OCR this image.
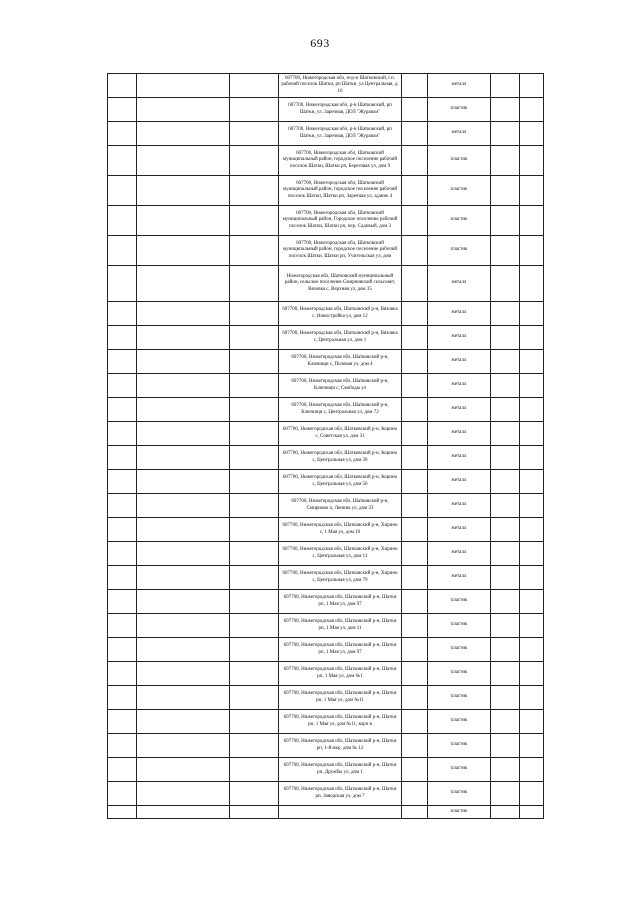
693
			607700, Нижегородская обл, м-р-н Шатковский, г.п. рабочий поселок Шатки, рп Шатки, ул Центральная, д. 16		металл		
			607700, Нижегородская обл, р-н Шатковский, рп Шатки, ул. Заречная, ДОЛ "Журавли"		пластик		
			607700, Нижегородская обл, р-н Шатковский, рп Шатки, ул. Заречная, ДОЛ "Журавли"		металл		
			607700, Нижегородская обл, Шатковский муниципальный район, городское поселение рабочий поселок Шатки, Шатки рп, Береговая ул, дом 9		пластик		
			607700, Нижегородская обл, Шатковский муниципальный район, городское поселение рабочий поселок Шатки, Шатки рп, Заречная ул, здание 4		пластик		
			607700, Нижегородская обл, Шатковский муниципальный район, Городское поселение рабочий поселок Шатки, Шатки рп, пер. Садовый, дом 3		пластик		
			607700, Нижегородская обл, Шатковский муниципальный район, городское поселение рабочий поселок Шатки, Шатки рп, Учительская ул, дом		пластик		
			Нижегородская обл, Шатковский муниципальный район, сельское поселение Смирновский сельсовет, Вязовка с, Верхняя ул, дом 35		металл		
			607700, Нижегородская обл, Шатковский р-н, Вязовка с, Новостройка ул, дом 12		металл		
			607700, Нижегородская обл, Шатковский р-н, Вязовка с, Центральная ул, дом 1		металл		
			607700, Нижегородская обл, Шатковский р-н, Ключищи с, Полевая ул, дом 4		металл		
			607700, Нижегородская обл, Шатковский р-н, Ключищи с, Свободы ул		металл		
			607700, Нижегородская обл, Шатковский р-н, Ключищи с, Центральная ул, дом 72		металл		
			607700, Нижегородская обл, Шатковский р-н, Корино с, Советская ул, дом 31		металл		
			607700, Нижегородская обл, Шатковский р-н, Корино с, Центральная ул, дом 30		металл		
			607700, Нижегородская обл, Шатковский р-н, Корино с, Центральная ул, дом 56		металл		
			607700, Нижегородская обл, Шатковский р-н, Смирново п, Ленина ул, дом 33		металл		
			607700, Нижегородская обл, Шатковский р-н, Хирино с, 1 Мая ул, дом 10		металл		
			607700, Нижегородская обл, Шатковский р-н, Хирино с, Центральная ул, дом 11		металл		
			607700, Нижегородская обл, Шатковский р-н, Хирино с, Центральная ул, дом 79		металл		
			607700, Нижегородская обл, Шатковский р-н, Шатки рп, 1 Мая ул, дом 97		пластик		
			607700, Нижегородская обл, Шатковский р-н, Шатки рп, 1 Мая ул, дом 11		пластик		
			607700, Нижегородская обл, Шатковский р-н, Шатки рп, 1 Мая ул, дом 97		пластик		
			607700, Нижегородская обл, Шатковский р-н, Шатки рп, 1 Мая ул, дом №1		пластик		
			607700, Нижегородская обл, Шатковский р-н, Шатки рп, 1 Мая ул, дом №11		пластик		
			607700, Нижегородская обл, Шатковский р-н, Шатки рп, 1 Мая ул, дом №11, корп в		пластик		
			607700, Нижегородская обл, Шатковский р-н, Шатки рп, 1-й мкр, дом № 12		пластик		
			607700, Нижегородская обл, Шатковский р-н, Шатки рп, Дружбы ул, дом 1		пластик		
			607700, Нижегородская обл, Шатковский р-н, Шатки рп, Заводская ул, дом 7		пластик		
					пластик		
